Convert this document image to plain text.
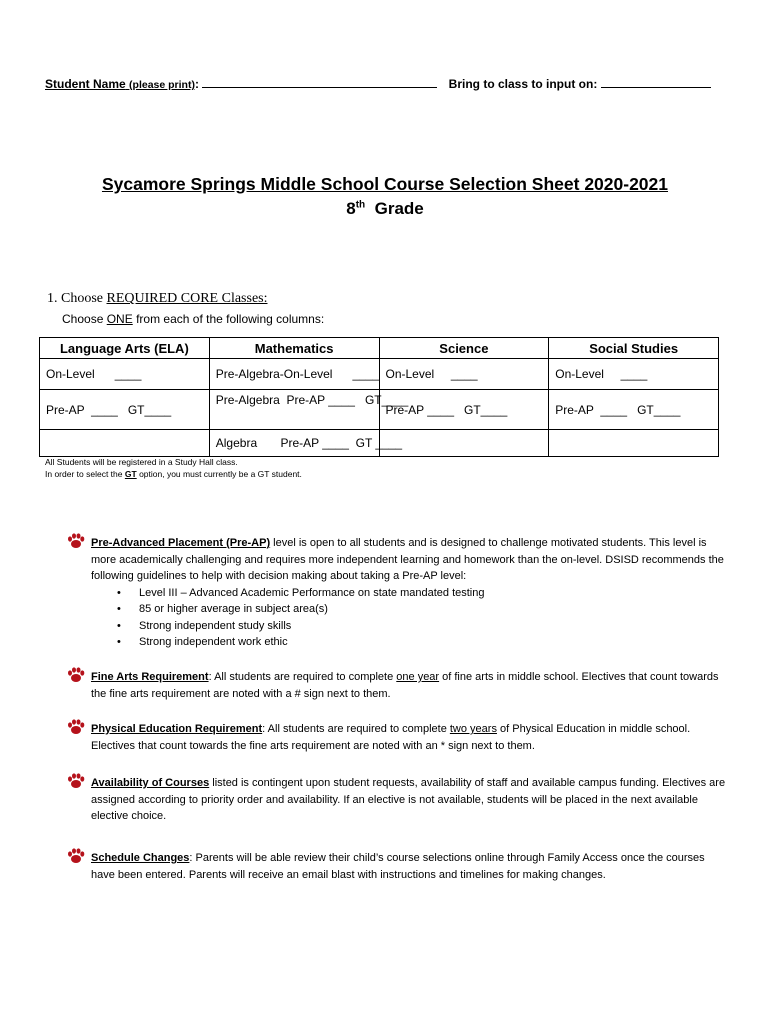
Student Name (please print):	Bring to class to input on:
Sycamore Springs Middle School Course Selection Sheet 2020-2021
8th Grade
1. Choose REQUIRED CORE Classes:
Choose ONE from each of the following columns:
Language Arts (ELA)	Mathematics	Science	Social Studies
On-Level      ____	Pre-Algebra-On-Level      ____	On-Level     ____	On-Level     ____
Pre-AP  ____   GT____	Pre-Algebra  Pre-AP ____   GT____	Pre-AP ____   GT____	Pre-AP  ____   GT____
	Algebra       Pre-AP ____  GT ____		
All Students will be registered in a Study Hall class.
In order to select the GT option, you must currently be a GT student.
Pre-Advanced Placement (Pre-AP) level is open to all students and is designed to challenge motivated students. This level is more academically challenging and requires more independent learning and homework than the on-level. DSISD recommends the following guidelines to help with decision making about taking a Pre-AP level:
• Level III – Advanced Academic Performance on state mandated testing
• 85 or higher average in subject area(s)
• Strong independent study skills
• Strong independent work ethic
Fine Arts Requirement: All students are required to complete one year of fine arts in middle school. Electives that count towards the fine arts requirement are noted with a # sign next to them.
Physical Education Requirement: All students are required to complete two years of Physical Education in middle school. Electives that count towards the fine arts requirement are noted with an * sign next to them.
Availability of Courses listed is contingent upon student requests, availability of staff and available campus funding. Electives are assigned according to priority order and availability. If an elective is not available, students will be placed in the next available elective choice.
Schedule Changes: Parents will be able review their child’s course selections online through Family Access once the courses have been entered. Parents will receive an email blast with instructions and timelines for making changes.
